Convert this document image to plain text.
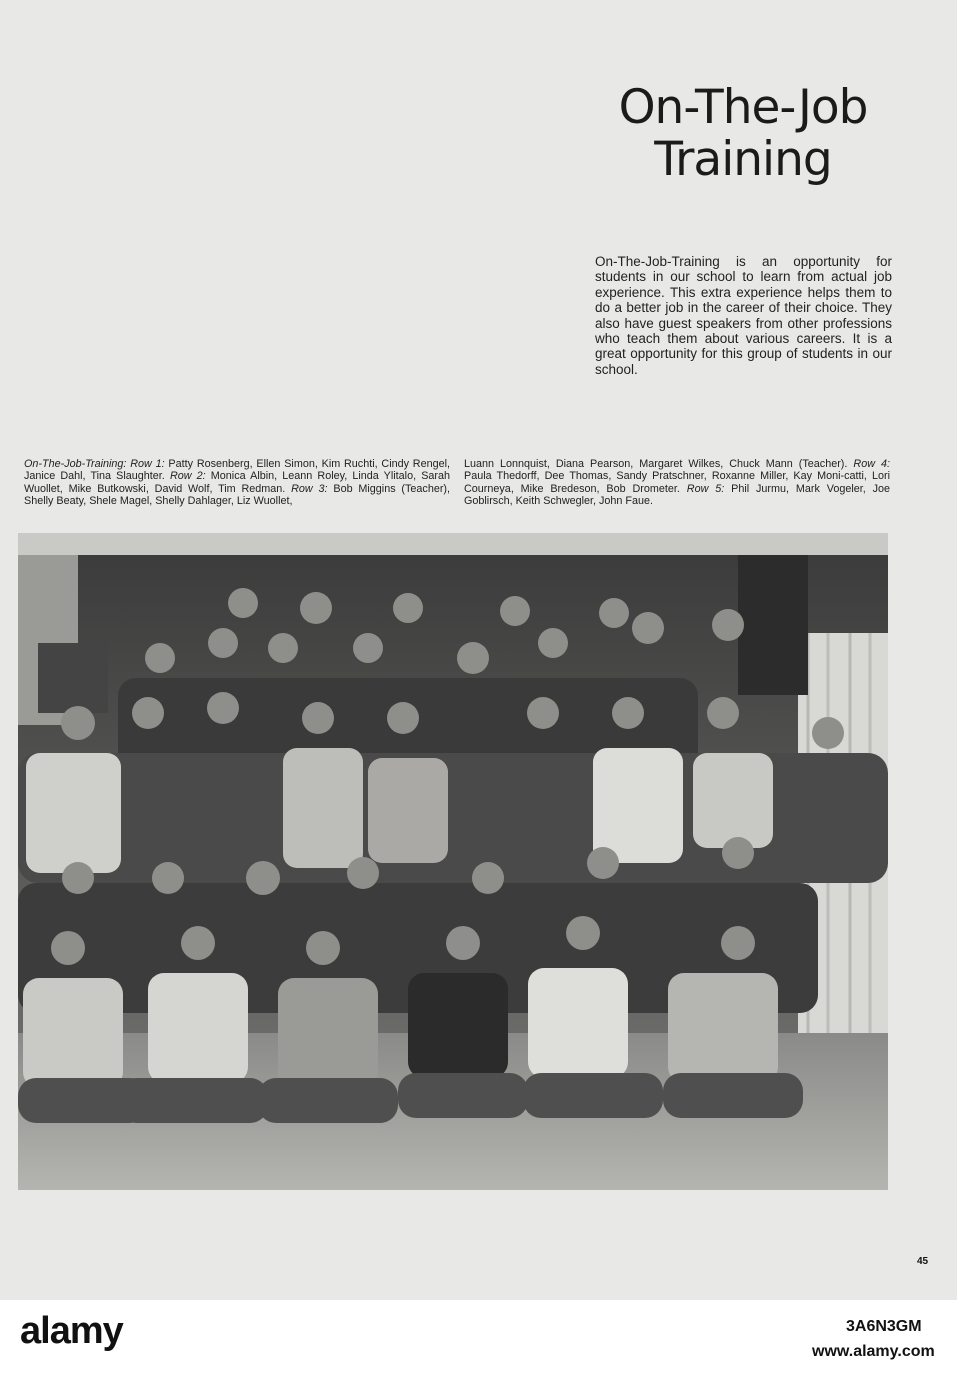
On-The-Job
Training

On-The-Job-Training is an opportunity for students in our school to learn from actual job experience. This extra experience helps them to do a better job in the career of their choice. They also have guest speakers from other professions who teach them about various careers. It is a great opportunity for this group of students in our school.

On-The-Job-Training: Row 1: Patty Rosenberg, Ellen Simon, Kim Ruchti, Cindy Rengel, Janice Dahl, Tina Slaughter. Row 2: Monica Albin, Leann Roley, Linda Ylitalo, Sarah Wuollet, Mike Butkowski, David Wolf, Tim Redman. Row 3: Bob Miggins (Teacher), Shelly Beaty, Shele Magel, Shelly Dahlager, Liz Wuollet,

Luann Lonnquist, Diana Pearson, Margaret Wilkes, Chuck Mann (Teacher). Row 4: Paula Thedorff, Dee Thomas, Sandy Pratschner, Roxanne Miller, Kay Moni-catti, Lori Courneya, Mike Bredeson, Bob Drometer. Row 5: Phil Jurmu, Mark Vogeler, Joe Goblirsch, Keith Schwegler, John Faue.

45
alamy	3A6N3GM
www.alamy.com
